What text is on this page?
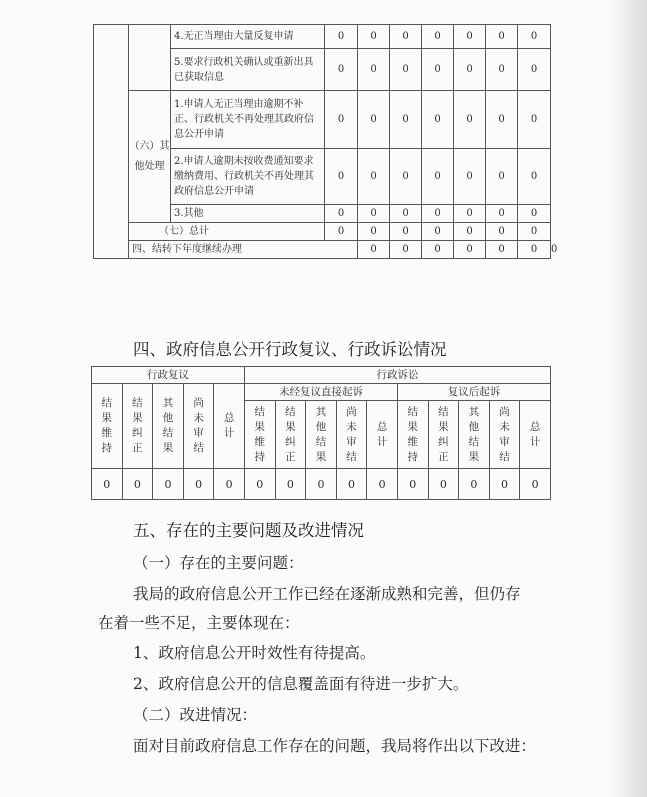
		4.无正当理由大量反复申请	0	0	0	0	0	0	0	
		5.要求行政机关确认或重新出具已获取信息	0	0	0	0	0	0	0	
	（六）其他处理	1.申请人无正当理由逾期不补正、行政机关不再处理其政府信息公开申请	0	0	0	0	0	0	0	
		2.申请人逾期未按收费通知要求缴纳费用、行政机关不再处理其政府信息公开申请	0	0	0	0	0	0	0	
		3.其他	0	0	0	0	0	0	0	
	（七）总计		0	0	0	0	0	0	0	
	四、结转下年度继续办理			0	0	0	0	0	0	0
四、政府信息公开行政复议、行政诉讼情况
行政复议					行政诉讼									
结果维持	结果纠正	其他结果	尚未审结	总计	未经复议直接起诉					复议后起诉				
					结果维持	结果纠正	其他结果	尚未审结	总计	结果维持	结果纠正	其他结果	尚未审结	总计
0	0	0	0	0	0	0	0	0	0	0	0	0	0	0
五、存在的主要问题及改进情况
（一）存在的主要问题：
我局的政府信息公开工作已经在逐渐成熟和完善，但仍存
在着一些不足，主要体现在：
1、政府信息公开时效性有待提高。
2、政府信息公开的信息覆盖面有待进一步扩大。
（二）改进情况：
面对目前政府信息工作存在的问题，我局将作出以下改进：
